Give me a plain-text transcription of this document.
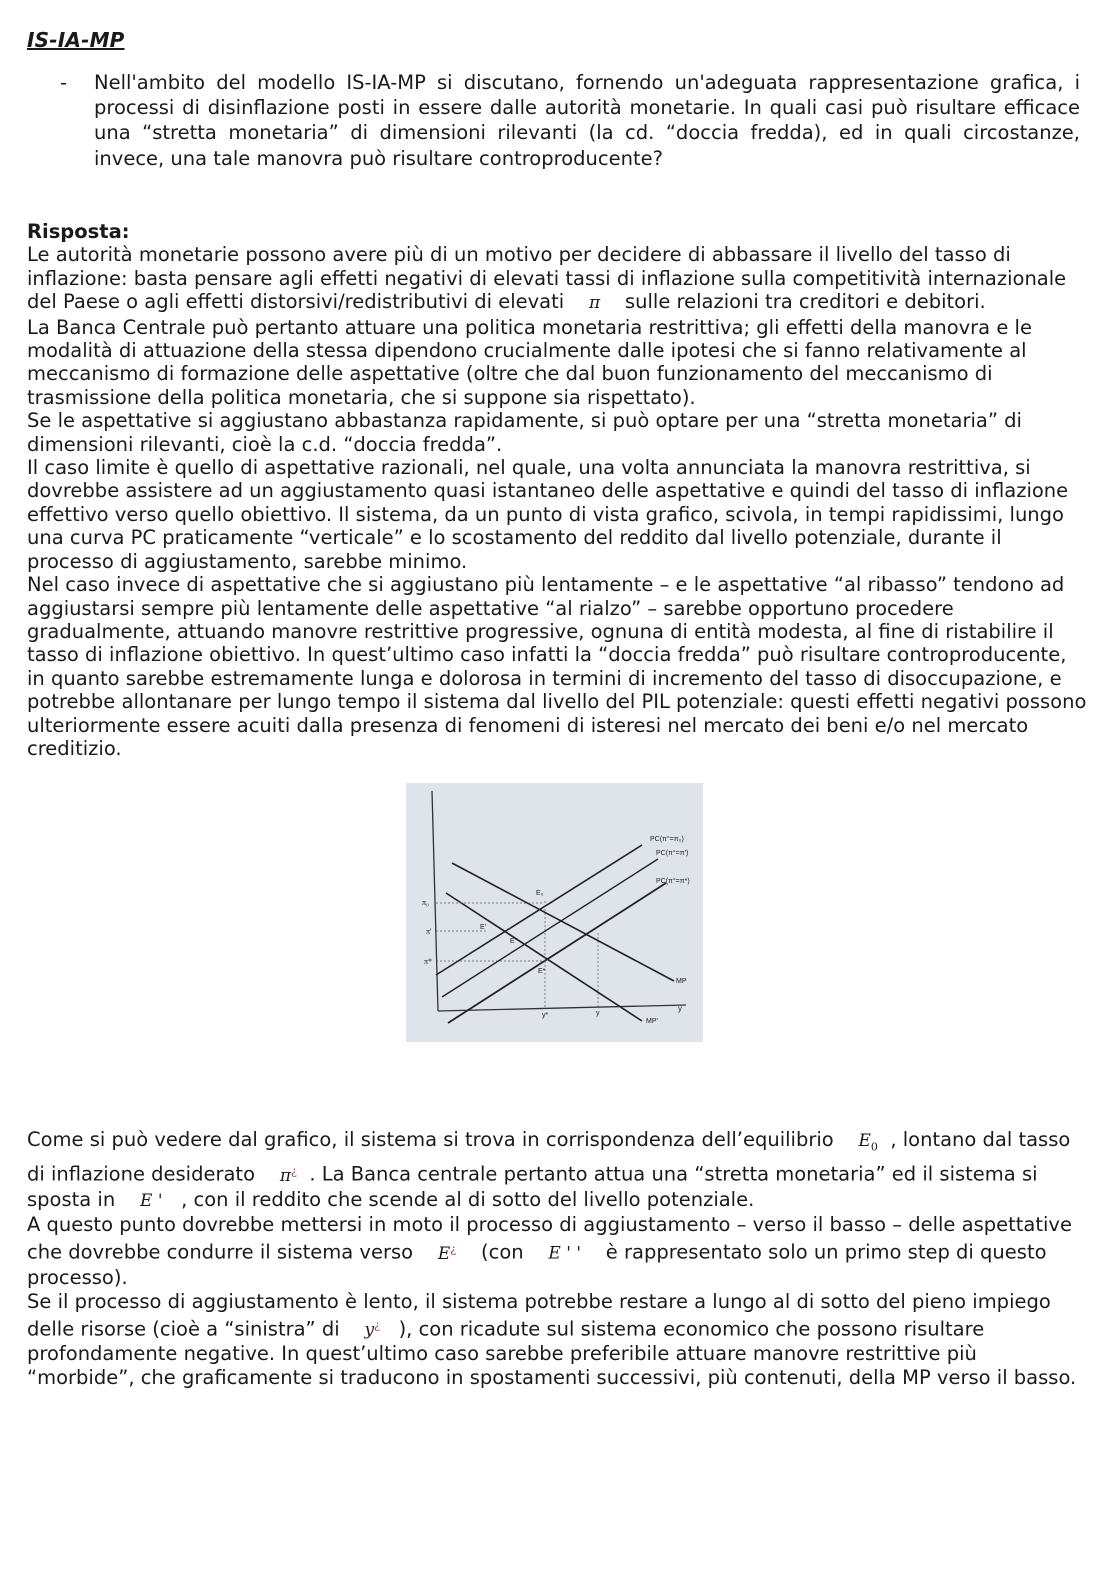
IS-IA-MP
- Nell'ambito del modello IS-IA-MP si discutano, fornendo un'adeguata rappresentazione grafica, i processi di disinflazione posti in essere dalle autorità monetarie. In quali casi può risultare efficace una “stretta monetaria” di dimensioni rilevanti (la cd. “doccia fredda), ed in quali circostanze, invece, una tale manovra può risultare controproducente?

Risposta:

Le autorità monetarie possono avere più di un motivo per decidere di abbassare il livello del tasso di inflazione: basta pensare agli effetti negativi di elevati tassi di inflazione sulla competitività internazionale del Paese o agli effetti distorsivi/redistributivi di elevati π sulle relazioni tra creditori e debitori.

La Banca Centrale può pertanto attuare una politica monetaria restrittiva; gli effetti della manovra e le modalità di attuazione della stessa dipendono crucialmente dalle ipotesi che si fanno relativamente al meccanismo di formazione delle aspettative (oltre che dal buon funzionamento del meccanismo di trasmissione della politica monetaria, che si suppone sia rispettato).

Se le aspettative si aggiustano abbastanza rapidamente, si può optare per una “stretta monetaria” di dimensioni rilevanti, cioè la c.d. “doccia fredda”.

Il caso limite è quello di aspettative razionali, nel quale, una volta annunciata la manovra restrittiva, si dovrebbe assistere ad un aggiustamento quasi istantaneo delle aspettative e quindi del tasso di inflazione effettivo verso quello obiettivo. Il sistema, da un punto di vista grafico, scivola, in tempi rapidissimi, lungo una curva PC praticamente “verticale” e lo scostamento del reddito dal livello potenziale, durante il processo di aggiustamento, sarebbe minimo.

Nel caso invece di aspettative che si aggiustano più lentamente – e le aspettative “al ribasso” tendono ad aggiustarsi sempre più lentamente delle aspettative “al rialzo” – sarebbe opportuno procedere gradualmente, attuando manovre restrittive progressive, ognuna di entità modesta, al fine di ristabilire il tasso di inflazione obiettivo. In quest’ultimo caso infatti la “doccia fredda” può risultare controproducente, in quanto sarebbe estremamente lunga e dolorosa in termini di incremento del tasso di disoccupazione, e potrebbe allontanare per lungo tempo il sistema dal livello del PIL potenziale: questi effetti negativi possono ulteriormente essere acuiti dalla presenza di fenomeni di isteresi nel mercato dei beni e/o nel mercato creditizio.

PC(π°=π₀)
PC(π°=π')
PC(π°=π*)
π₀
π'
π*
E₀
E'
E''
E*
MP
MP'
y*	y
y

Come si può vedere dal grafico, il sistema si trova in corrispondenza dell’equilibrio $E_0$ , lontano dal tasso di inflazione desiderato π¿ . La Banca centrale pertanto attua una “stretta monetaria” ed il sistema si sposta in E ' , con il reddito che scende al di sotto del livello potenziale.

A questo punto dovrebbe mettersi in moto il processo di aggiustamento – verso il basso – delle aspettative che dovrebbe condurre il sistema verso E¿ (con E ' ' è rappresentato solo un primo step di questo processo).

Se il processo di aggiustamento è lento, il sistema potrebbe restare a lungo al di sotto del pieno impiego delle risorse (cioè a “sinistra” di y¿ ), con ricadute sul sistema economico che possono risultare profondamente negative. In quest’ultimo caso sarebbe preferibile attuare manovre restrittive più “morbide”, che graficamente si traducono in spostamenti successivi, più contenuti, della MP verso il basso.
